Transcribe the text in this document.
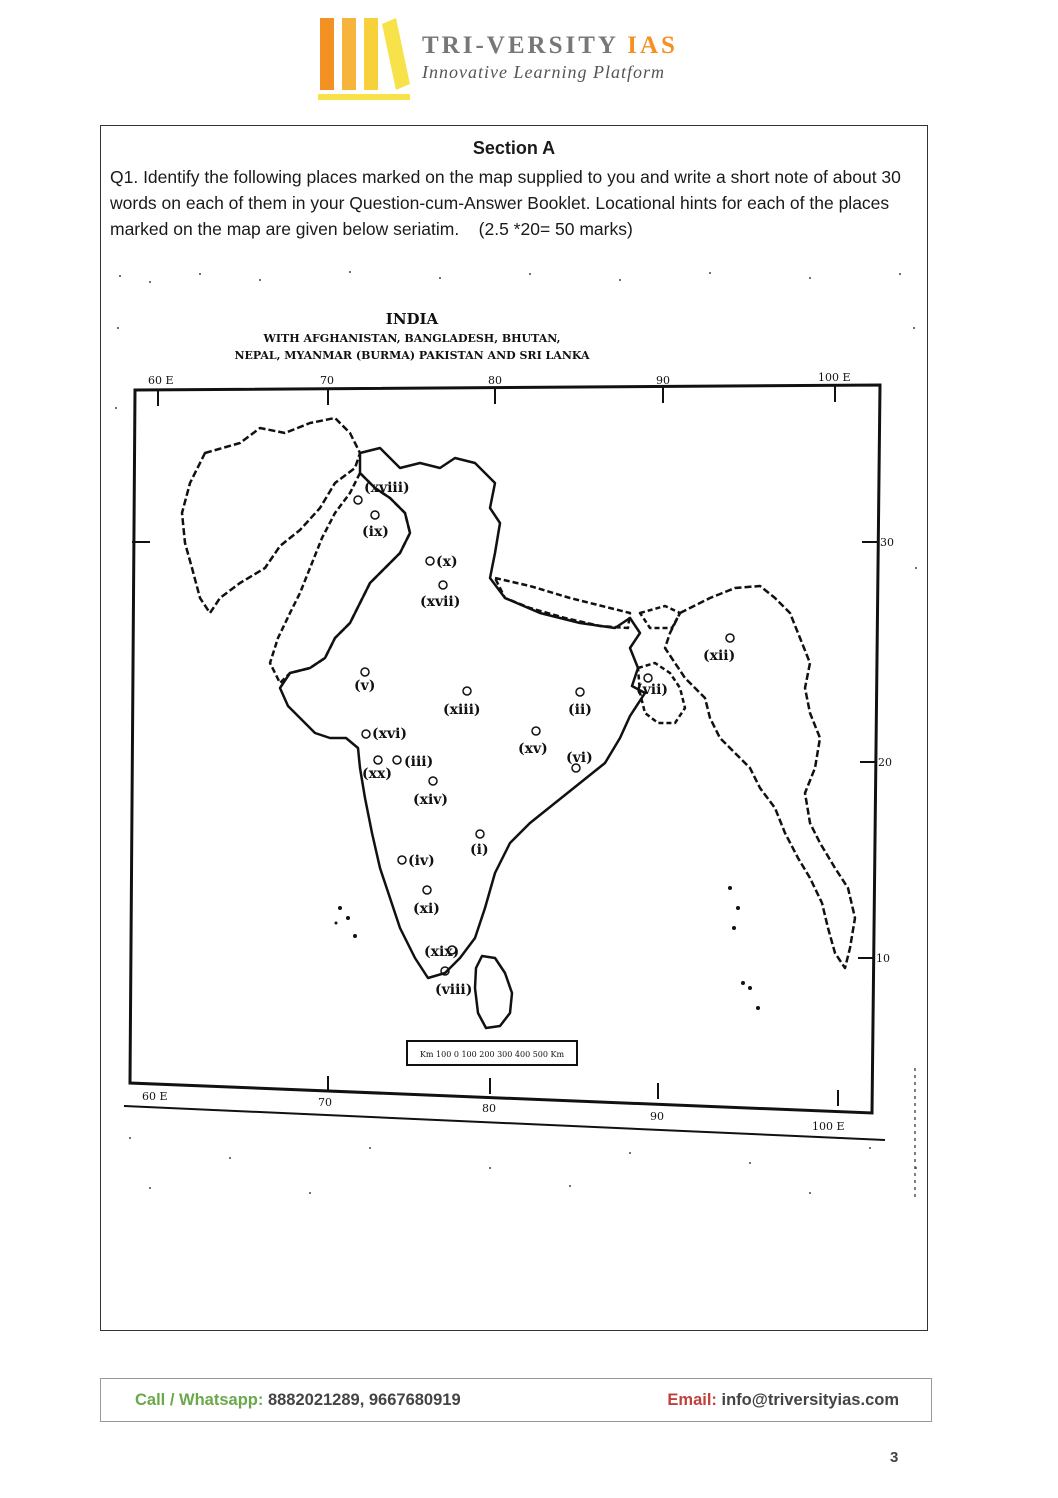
TRI-VERSITY IAS
Innovative Learning Platform
Section A
Q1. Identify the following places marked on the map supplied to you and write a short note of about 30 words on each of them in your Question-cum-Answer Booklet. Locational hints for each of the places marked on the map are given below seriatim. (2.5 *20= 50 marks)
INDIA
WITH AFGHANISTAN, BANGLADESH, BHUTAN,
NEPAL, MYANMAR (BURMA) PAKISTAN AND SRI LANKA
60 E	70	80	90	100 E
60 E	70	80
90
100 E
30
20
10
Km 100 0 100 200 300 400 500 Km
(xviii)
(ix)
(x)
(xvii)
(xii)
(v)	(vii)
(ii)
(xiii)
(xvi)
(xv)
(vi)
(iii)
(xx)
(xiv)
(i)
(iv)
(xi)
(xix)
(viii)
Call / Whatsapp: 8882021289, 9667680919	Email: info@triversityias.com
3
